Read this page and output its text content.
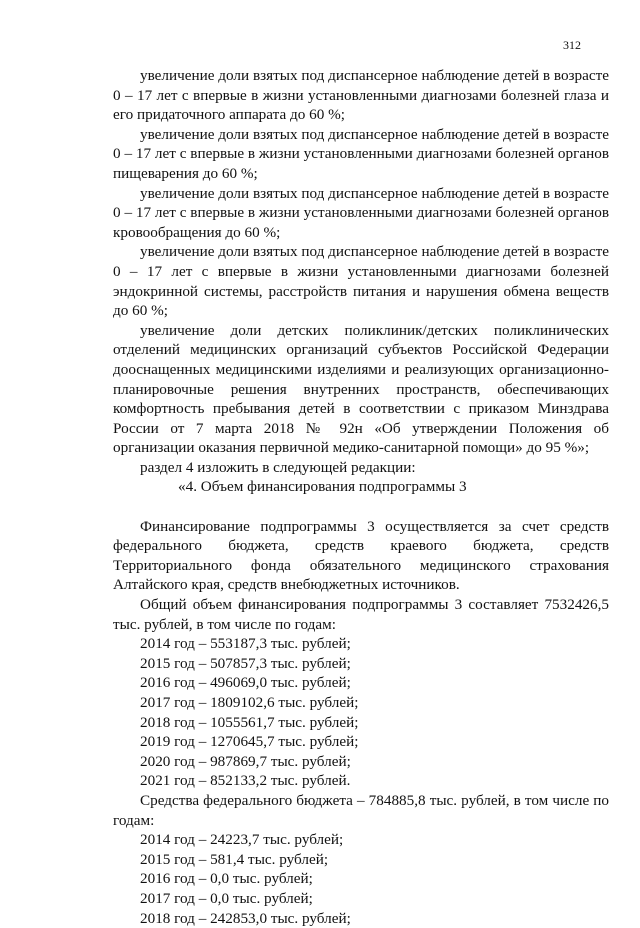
312

увеличение доли взятых под диспансерное наблюдение детей в возрасте 0 – 17 лет с впервые в жизни установленными диагнозами болезней глаза и его придаточного аппарата до 60 %;

увеличение доли взятых под диспансерное наблюдение детей в возрасте 0 – 17 лет с впервые в жизни установленными диагнозами болезней органов пищеварения до 60 %;

увеличение доли взятых под диспансерное наблюдение детей в возрасте 0 – 17 лет с впервые в жизни установленными диагнозами болезней органов кровообращения до 60 %;

увеличение доли взятых под диспансерное наблюдение детей в возрасте 0 – 17 лет с впервые в жизни установленными диагнозами болезней эндокринной системы, расстройств питания и нарушения обмена веществ до 60 %;

увеличение доли детских поликлиник/детских поликлинических отделений медицинских организаций субъектов Российской Федерации дооснащенных медицинскими изделиями и реализующих организационно-планировочные решения внутренних пространств, обеспечивающих комфортность пребывания детей в соответствии с приказом Минздрава России от 7 марта 2018 № 92н «Об утверждении Положения об организации оказания первичной медико-санитарной помощи» до 95 %»;

раздел 4 изложить в следующей редакции:

«4. Объем финансирования подпрограммы 3

Финансирование подпрограммы 3 осуществляется за счет средств федерального бюджета, средств краевого бюджета, средств Территориального фонда обязательного медицинского страхования Алтайского края, средств внебюджетных источников.

Общий объем финансирования подпрограммы 3 составляет 7532426,5 тыс. рублей, в том числе по годам:

2014 год – 553187,3 тыс. рублей;

2015 год – 507857,3 тыс. рублей;

2016 год – 496069,0 тыс. рублей;

2017 год – 1809102,6 тыс. рублей;

2018 год – 1055561,7 тыс. рублей;

2019 год – 1270645,7 тыс. рублей;

2020 год – 987869,7 тыс. рублей;

2021 год – 852133,2 тыс. рублей.

Средства федерального бюджета – 784885,8 тыс. рублей, в том числе по годам:

2014 год – 24223,7 тыс. рублей;

2015 год – 581,4 тыс. рублей;

2016 год – 0,0 тыс. рублей;

2017 год – 0,0 тыс. рублей;

2018 год – 242853,0 тыс. рублей;
